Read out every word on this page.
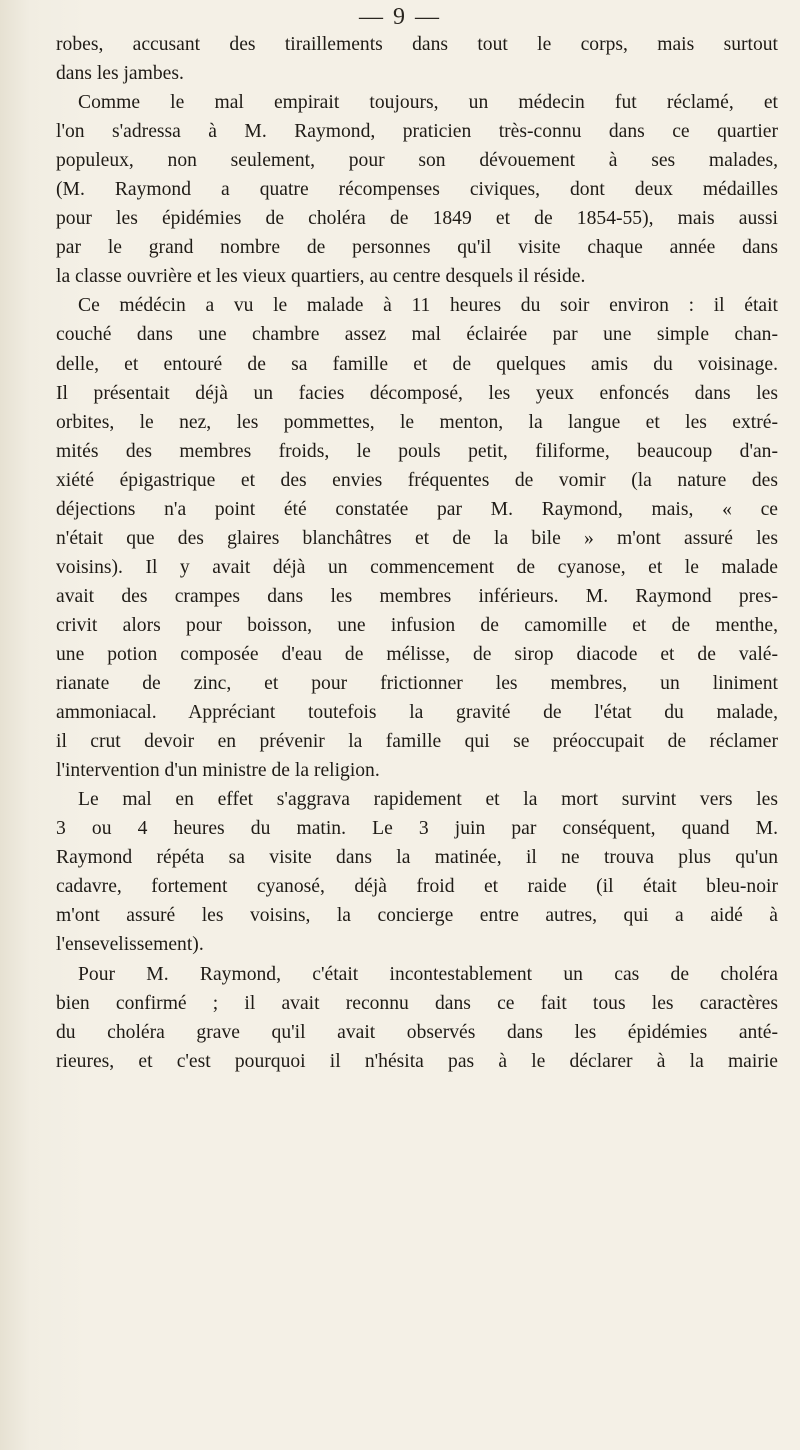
— 9 —
robes, accusant des tiraillements dans tout le corps, mais surtout
dans les jambes.
Comme le mal empirait toujours, un médecin fut réclamé, et
l'on s'adressa à M. Raymond, praticien très-connu dans ce quartier
populeux, non seulement, pour son dévouement à ses malades,
(M. Raymond a quatre récompenses civiques, dont deux médailles
pour les épidémies de choléra de 1849 et de 1854-55), mais aussi
par le grand nombre de personnes qu'il visite chaque année dans
la classe ouvrière et les vieux quartiers, au centre desquels il réside.
Ce médécin a vu le malade à 11 heures du soir environ : il était
couché dans une chambre assez mal éclairée par une simple chan-
delle, et entouré de sa famille et de quelques amis du voisinage.
Il présentait déjà un facies décomposé, les yeux enfoncés dans les
orbites, le nez, les pommettes, le menton, la langue et les extré-
mités des membres froids, le pouls petit, filiforme, beaucoup d'an-
xiété épigastrique et des envies fréquentes de vomir (la nature des
déjections n'a point été constatée par M. Raymond, mais, « ce
n'était que des glaires blanchâtres et de la bile » m'ont assuré les
voisins). Il y avait déjà un commencement de cyanose, et le malade
avait des crampes dans les membres inférieurs. M. Raymond pres-
crivit alors pour boisson, une infusion de camomille et de menthe,
une potion composée d'eau de mélisse, de sirop diacode et de valé-
rianate de zinc, et pour frictionner les membres, un liniment
ammoniacal. Appréciant toutefois la gravité de l'état du malade,
il crut devoir en prévenir la famille qui se préoccupait de réclamer
l'intervention d'un ministre de la religion.
Le mal en effet s'aggrava rapidement et la mort survint vers les
3 ou 4 heures du matin. Le 3 juin par conséquent, quand M.
Raymond répéta sa visite dans la matinée, il ne trouva plus qu'un
cadavre, fortement cyanosé, déjà froid et raide (il était bleu-noir
m'ont assuré les voisins, la concierge entre autres, qui a aidé à
l'ensevelissement).
Pour M. Raymond, c'était incontestablement un cas de choléra
bien confirmé ; il avait reconnu dans ce fait tous les caractères
du choléra grave qu'il avait observés dans les épidémies anté-
rieures, et c'est pourquoi il n'hésita pas à le déclarer à la mairie
